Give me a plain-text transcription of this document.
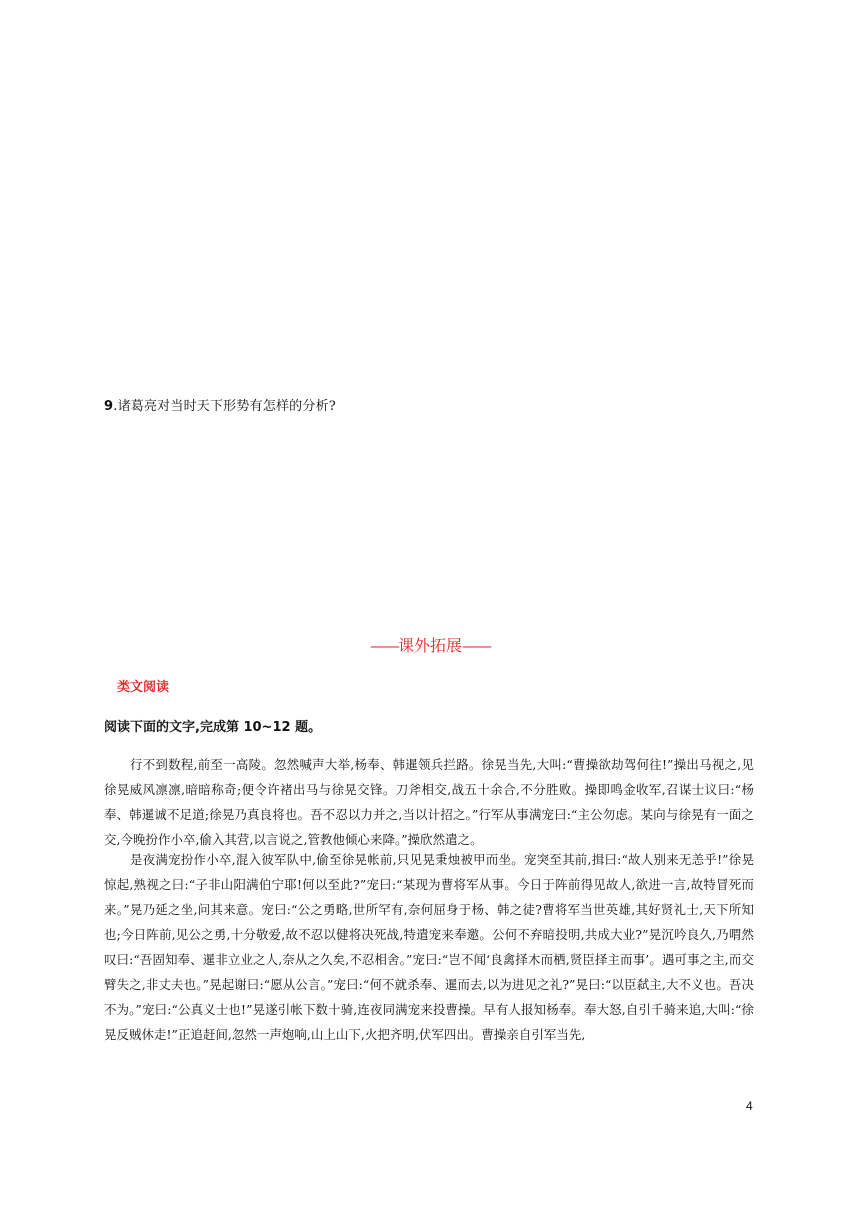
9.诸葛亮对当时天下形势有怎样的分析?
——课外拓展——
类文阅读
阅读下面的文字,完成第 10~12 题。
行不到数程,前至一高陵。忽然喊声大举,杨奉、韩暹领兵拦路。徐晃当先,大叫:“曹操欲劫驾何往!”操出马视之,见徐晃威风凛凛,暗暗称奇;便令许褚出马与徐晃交锋。刀斧相交,战五十余合,不分胜败。操即鸣金收军,召谋士议曰:“杨奉、韩暹诚不足道;徐晃乃真良将也。吾不忍以力并之,当以计招之。”行军从事满宠曰:“主公勿虑。某向与徐晃有一面之交,今晚扮作小卒,偷入其营,以言说之,管教他倾心来降。”操欣然遣之。
是夜满宠扮作小卒,混入彼军队中,偷至徐晃帐前,只见晃秉烛被甲而坐。宠突至其前,揖曰:“故人别来无恙乎!”徐晃惊起,熟视之曰:“子非山阳满伯宁耶!何以至此?”宠曰:“某现为曹将军从事。今日于阵前得见故人,欲进一言,故特冒死而来。”晃乃延之坐,问其来意。宠曰:“公之勇略,世所罕有,奈何屈身于杨、韩之徒?曹将军当世英雄,其好贤礼士,天下所知也;今日阵前,见公之勇,十分敬爱,故不忍以健将决死战,特遣宠来奉邀。公何不弃暗投明,共成大业?”晃沉吟良久,乃喟然叹曰:“吾固知奉、暹非立业之人,奈从之久矣,不忍相舍。”宠曰:“岂不闻‘良禽择木而栖,贤臣择主而事’。遇可事之主,而交臂失之,非丈夫也。”晃起谢曰:“愿从公言。”宠曰:“何不就杀奉、暹而去,以为进见之礼?”晃曰:“以臣弑主,大不义也。吾决不为。”宠曰:“公真义士也!”晃遂引帐下数十骑,连夜同满宠来投曹操。早有人报知杨奉。奉大怒,自引千骑来追,大叫:“徐晃反贼休走!”正追赶间,忽然一声炮响,山上山下,火把齐明,伏军四出。曹操亲自引军当先,
4
